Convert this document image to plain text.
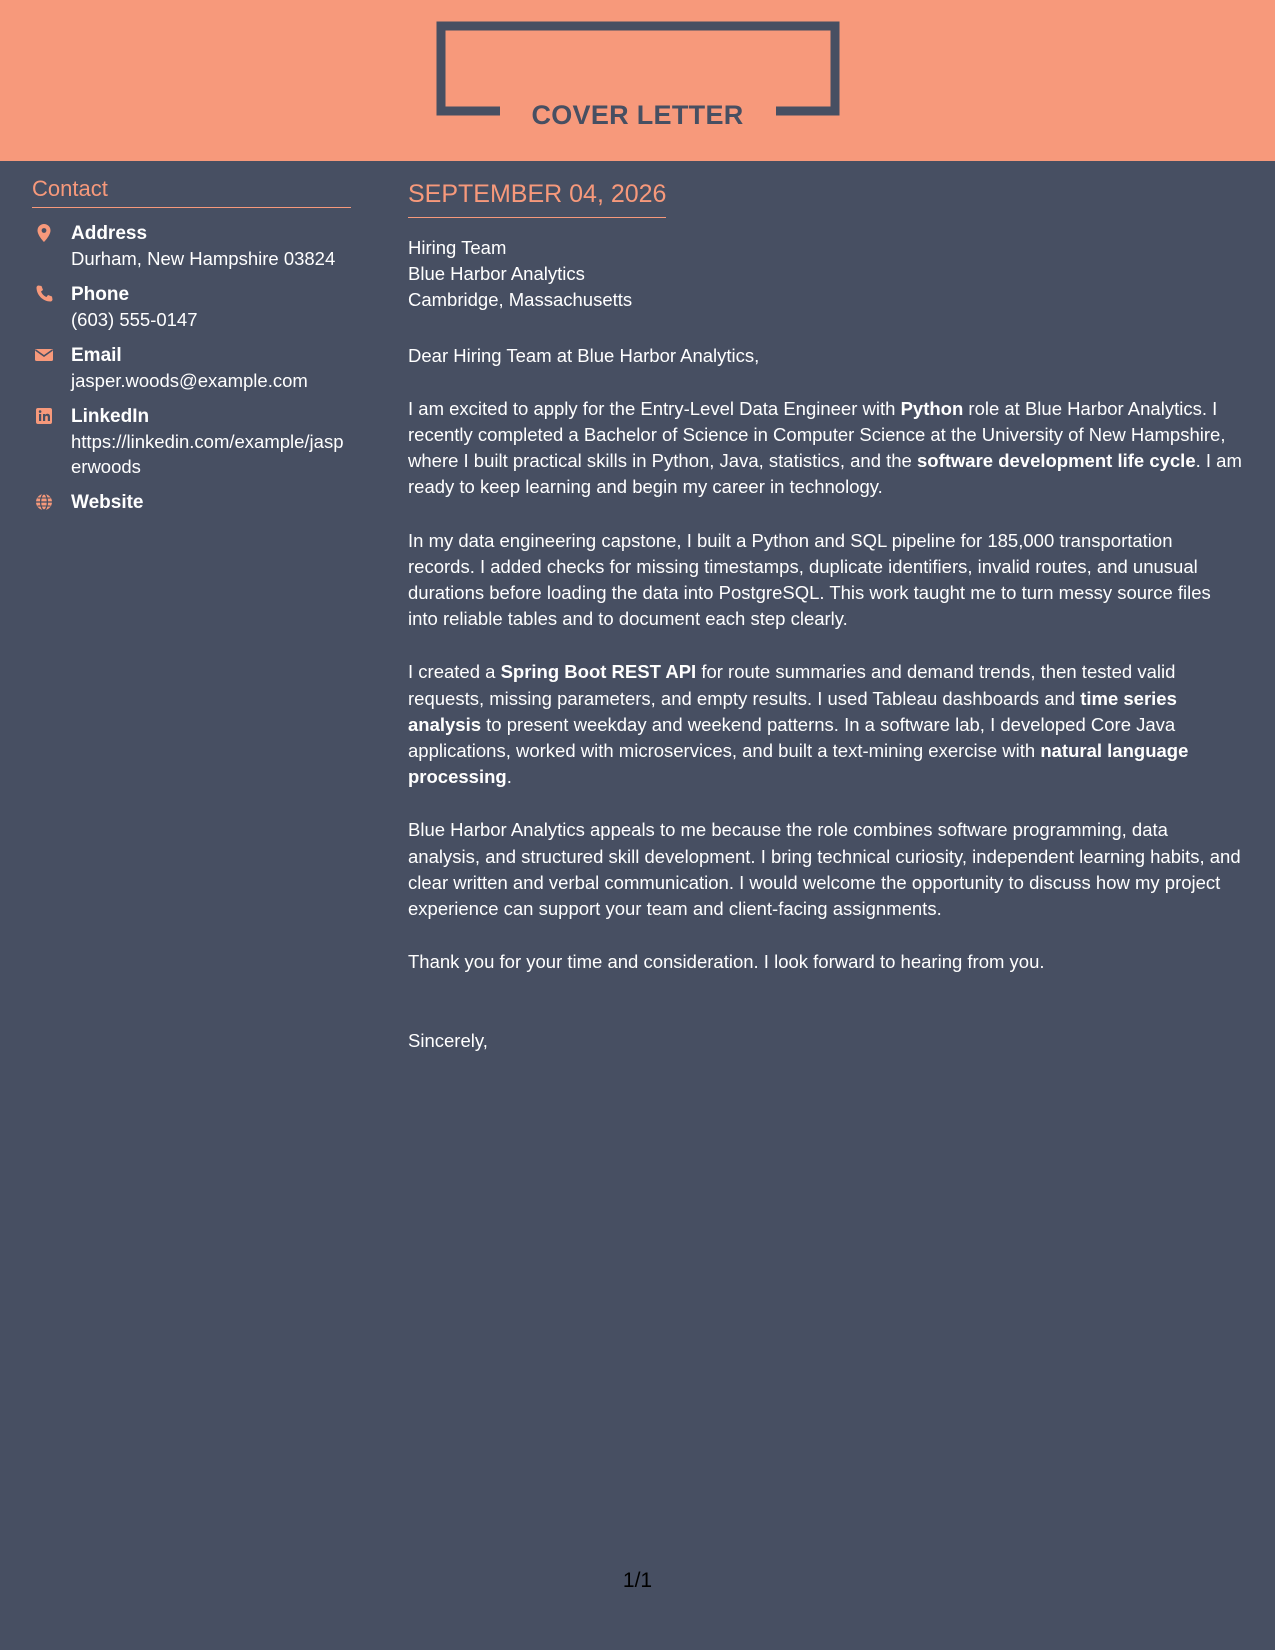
COVER LETTER
Contact
Address
Durham, New Hampshire 03824
Phone
(603) 555-0147
Email
jasper.woods@example.com
LinkedIn
https://linkedin.com/example/jasperwoods
Website
SEPTEMBER 04, 2026
Hiring Team
Blue Harbor Analytics
Cambridge, Massachusetts
Dear Hiring Team at Blue Harbor Analytics,

I am excited to apply for the Entry-Level Data Engineer with Python role at Blue Harbor Analytics. I recently completed a Bachelor of Science in Computer Science at the University of New Hampshire, where I built practical skills in Python, Java, statistics, and the software development life cycle. I am ready to keep learning and begin my career in technology.

In my data engineering capstone, I built a Python and SQL pipeline for 185,000 transportation records. I added checks for missing timestamps, duplicate identifiers, invalid routes, and unusual durations before loading the data into PostgreSQL. This work taught me to turn messy source files into reliable tables and to document each step clearly.

I created a Spring Boot REST API for route summaries and demand trends, then tested valid requests, missing parameters, and empty results. I used Tableau dashboards and time series analysis to present weekday and weekend patterns. In a software lab, I developed Core Java applications, worked with microservices, and built a text-mining exercise with natural language processing.

Blue Harbor Analytics appeals to me because the role combines software programming, data analysis, and structured skill development. I bring technical curiosity, independent learning habits, and clear written and verbal communication. I would welcome the opportunity to discuss how my project experience can support your team and client-facing assignments.

Thank you for your time and consideration. I look forward to hearing from you.

Sincerely,
1/1
